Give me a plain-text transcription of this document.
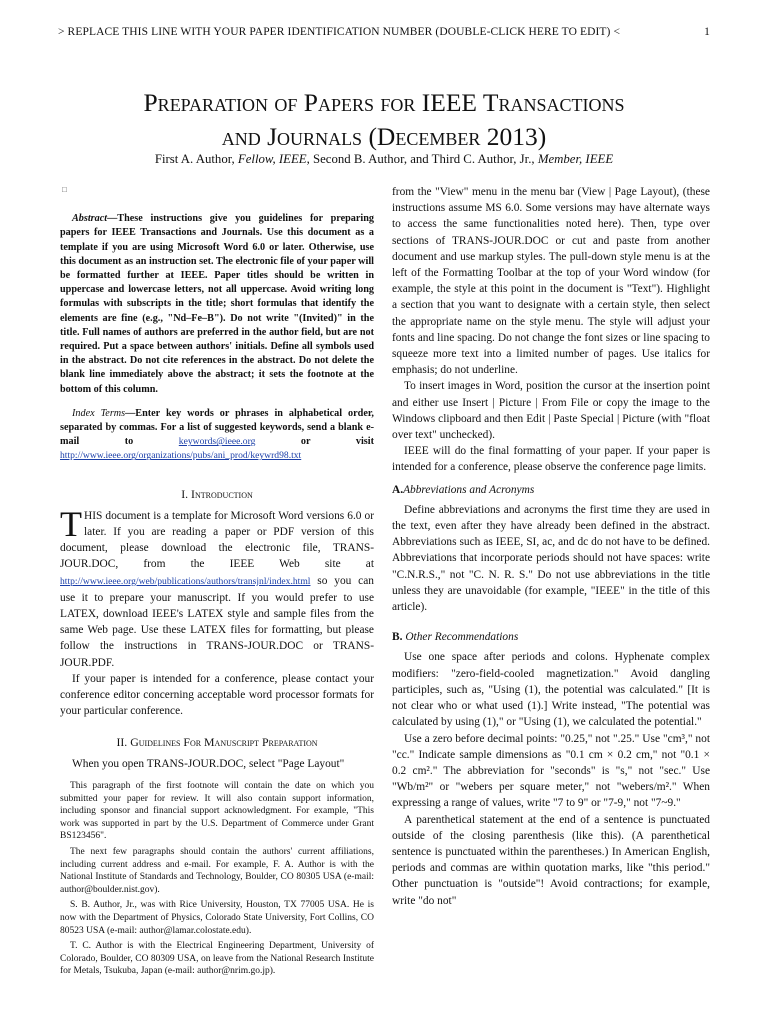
> REPLACE THIS LINE WITH YOUR PAPER IDENTIFICATION NUMBER (DOUBLE-CLICK HERE TO EDIT) <	1
Preparation of Papers for IEEE Transactions
and Journals (December 2013)
First A. Author, Fellow, IEEE, Second B. Author, and Third C. Author, Jr., Member, IEEE
□

Abstract—These instructions give you guidelines for preparing papers for IEEE Transactions and Journals. Use this document as a template if you are using Microsoft Word 6.0 or later. Otherwise, use this document as an instruction set. The electronic file of your paper will be formatted further at IEEE. Paper titles should be written in uppercase and lowercase letters, not all uppercase. Avoid writing long formulas with subscripts in the title; short formulas that identify the elements are fine (e.g., "Nd–Fe–B"). Do not write "(Invited)" in the title. Full names of authors are preferred in the author field, but are not required. Put a space between authors' initials. Define all symbols used in the abstract. Do not cite references in the abstract. Do not delete the blank line immediately above the abstract; it sets the footnote at the bottom of this column.

Index Terms—Enter key words or phrases in alphabetical order, separated by commas. For a list of suggested keywords, send a blank e-mail to keywords@ieee.org or visit http://www.ieee.org/organizations/pubs/ani_prod/keywrd98.txt

I. Introduction

THIS document is a template for Microsoft Word versions 6.0 or later. If you are reading a paper or PDF version of this document, please download the electronic file, TRANS-JOUR.DOC, from the IEEE Web site at http://www.ieee.org/web/publications/authors/transjnl/index.html so you can use it to prepare your manuscript. If you would prefer to use LATEX, download IEEE's LATEX style and sample files from the same Web page. Use these LATEX files for formatting, but please follow the instructions in TRANS-JOUR.DOC or TRANS-JOUR.PDF.

If your paper is intended for a conference, please contact your conference editor concerning acceptable word processor formats for your particular conference.

II. Guidelines For Manuscript Preparation

When you open TRANS-JOUR.DOC, select "Page Layout"

This paragraph of the first footnote will contain the date on which you submitted your paper for review. It will also contain support information, including sponsor and financial support acknowledgment. For example, "This work was supported in part by the U.S. Department of Commerce under Grant BS123456".

The next few paragraphs should contain the authors' current affiliations, including current address and e-mail. For example, F. A. Author is with the National Institute of Standards and Technology, Boulder, CO 80305 USA (e-mail: author@boulder.nist.gov).

S. B. Author, Jr., was with Rice University, Houston, TX 77005 USA. He is now with the Department of Physics, Colorado State University, Fort Collins, CO 80523 USA (e-mail: author@lamar.colostate.edu).

T. C. Author is with the Electrical Engineering Department, University of Colorado, Boulder, CO 80309 USA, on leave from the National Research Institute for Metals, Tsukuba, Japan (e-mail: author@nrim.go.jp).

from the "View" menu in the menu bar (View | Page Layout), (these instructions assume MS 6.0. Some versions may have alternate ways to access the same functionalities noted here). Then, type over sections of TRANS-JOUR.DOC or cut and paste from another document and use markup styles. The pull-down style menu is at the left of the Formatting Toolbar at the top of your Word window (for example, the style at this point in the document is "Text"). Highlight a section that you want to designate with a certain style, then select the appropriate name on the style menu. The style will adjust your fonts and line spacing. Do not change the font sizes or line spacing to squeeze more text into a limited number of pages. Use italics for emphasis; do not underline.

To insert images in Word, position the cursor at the insertion point and either use Insert | Picture | From File or copy the image to the Windows clipboard and then Edit | Paste Special | Picture (with "float over text" unchecked).

IEEE will do the final formatting of your paper. If your paper is intended for a conference, please observe the conference page limits.

A.Abbreviations and Acronyms

Define abbreviations and acronyms the first time they are used in the text, even after they have already been defined in the abstract. Abbreviations such as IEEE, SI, ac, and dc do not have to be defined. Abbreviations that incorporate periods should not have spaces: write "C.N.R.S.," not "C. N. R. S." Do not use abbreviations in the title unless they are unavoidable (for example, "IEEE" in the title of this article).

B. Other Recommendations

Use one space after periods and colons. Hyphenate complex modifiers: "zero-field-cooled magnetization." Avoid dangling participles, such as, "Using (1), the potential was calculated." [It is not clear who or what used (1).] Write instead, "The potential was calculated by using (1)," or "Using (1), we calculated the potential."

Use a zero before decimal points: "0.25," not ".25." Use "cm³," not "cc." Indicate sample dimensions as "0.1 cm × 0.2 cm," not "0.1 × 0.2 cm²." The abbreviation for "seconds" is "s," not "sec." Use "Wb/m²" or "webers per square meter," not "webers/m²." When expressing a range of values, write "7 to 9" or "7-9," not "7~9."

A parenthetical statement at the end of a sentence is punctuated outside of the closing parenthesis (like this). (A parenthetical sentence is punctuated within the parentheses.) In American English, periods and commas are within quotation marks, like "this period." Other punctuation is "outside"! Avoid contractions; for example, write "do not"
